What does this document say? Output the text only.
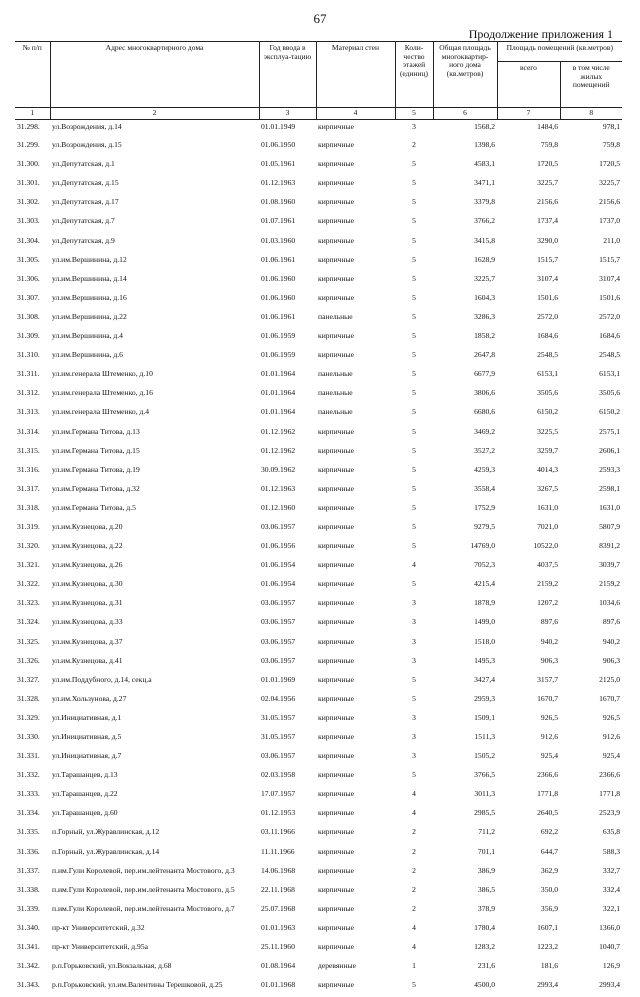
67
Продолжение приложения 1
№ п/п	Адрес многоквартирного дома	Год ввода в эксплуа-тацию	Материал стен	Коли-чество этажей (единиц)	Общая площадь многоквартир-ного дома (кв.метров)	Площадь помещений (кв.метров)	
						всего	в том числе жилых помещений
1	2	3	4	5	6	7	8
31.298.	ул.Возрождения, д.14	01.01.1949	кирпичные	3	1568,2	1484,6	978,1
31.299.	ул.Возрождения, д.15	01.06.1950	кирпичные	2	1398,6	759,8	759,8
31.300.	ул.Депутатская, д.1	01.05.1961	кирпичные	5	4583,1	1720,5	1720,5
31.301.	ул.Депутатская, д.15	01.12.1963	кирпичные	5	3471,1	3225,7	3225,7
31.302.	ул.Депутатская, д.17	01.08.1960	кирпичные	5	3379,8	2156,6	2156,6
31.303.	ул.Депутатская, д.7	01.07.1961	кирпичные	5	3766,2	1737,4	1737,0
31.304.	ул.Депутатская, д.9	01.03.1960	кирпичные	5	3415,8	3290,0	211,0
31.305.	ул.им.Вершинина, д.12	01.06.1961	кирпичные	5	1628,9	1515,7	1515,7
31.306.	ул.им.Вершинина, д.14	01.06.1960	кирпичные	5	3225,7	3107,4	3107,4
31.307.	ул.им.Вершинина, д.16	01.06.1960	кирпичные	5	1604,3	1501,6	1501,6
31.308.	ул.им.Вершинина, д.22	01.06.1961	панельные	5	3286,3	2572,0	2572,0
31.309.	ул.им.Вершинина, д.4	01.06.1959	кирпичные	5	1858,2	1684,6	1684,6
31.310.	ул.им.Вершинина, д.6	01.06.1959	кирпичные	5	2647,8	2548,5	2548,5
31.311.	ул.им.генерала Штеменко, д.10	01.01.1964	панельные	5	6677,9	6153,1	6153,1
31.312.	ул.им.генерала Штеменко, д.16	01.01.1964	панельные	5	3806,6	3505,6	3505,6
31.313.	ул.им.генерала Штеменко, д.4	01.01.1964	панельные	5	6680,6	6150,2	6150,2
31.314.	ул.им.Германа Титова, д.13	01.12.1962	кирпичные	5	3469,2	3225,5	2575,1
31.315.	ул.им.Германа Титова, д.15	01.12.1962	кирпичные	5	3527,2	3259,7	2606,1
31.316.	ул.им.Германа Титова, д.19	30.09.1962	кирпичные	5	4259,3	4014,3	2593,3
31.317.	ул.им.Германа Титова, д.32	01.12.1963	кирпичные	5	3558,4	3267,5	2598,1
31.318.	ул.им.Германа Титова, д.5	01.12.1960	кирпичные	5	1752,9	1631,0	1631,0
31.319.	ул.им.Кузнецова, д.20	03.06.1957	кирпичные	5	9279,5	7021,0	5807,9
31.320.	ул.им.Кузнецова, д.22	01.06.1956	кирпичные	5	14769,0	10522,0	8391,2
31.321.	ул.им.Кузнецова, д.26	01.06.1954	кирпичные	4	7052,3	4037,5	3039,7
31.322.	ул.им.Кузнецова, д.30	01.06.1954	кирпичные	5	4215,4	2159,2	2159,2
31.323.	ул.им.Кузнецова, д.31	03.06.1957	кирпичные	3	1878,9	1207,2	1034,6
31.324.	ул.им.Кузнецова, д.33	03.06.1957	кирпичные	3	1499,0	897,6	897,6
31.325.	ул.им.Кузнецова, д.37	03.06.1957	кирпичные	3	1518,0	940,2	940,2
31.326.	ул.им.Кузнецова, д.41	03.06.1957	кирпичные	3	1495,3	906,3	906,3
31.327.	ул.им.Поддубного, д.14, секц.а	01.01.1969	кирпичные	5	3427,4	3157,7	2125,0
31.328.	ул.им.Хользунова, д.27	02.04.1956	кирпичные	5	2959,3	1670,7	1670,7
31.329.	ул.Инициативная, д.1	31.05.1957	кирпичные	3	1509,1	926,5	926,5
31.330.	ул.Инициативная, д.5	31.05.1957	кирпичные	3	1511,3	912,6	912,6
31.331.	ул.Инициативная, д.7	03.06.1957	кирпичные	3	1505,2	925,4	925,4
31.332.	ул.Тарашанцев, д.13	02.03.1958	кирпичные	5	3766,5	2366,6	2366,6
31.333.	ул.Тарашанцев, д.22	17.07.1957	кирпичные	4	3011,3	1771,8	1771,8
31.334.	ул.Тарашанцев, д.60	01.12.1953	кирпичные	4	2985,5	2640,5	2523,9
31.335.	п.Горный, ул.Журавлинская, д.12	03.11.1966	кирпичные	2	711,2	692,2	635,8
31.336.	п.Горный, ул.Журавлинская, д.14	11.11.1966	кирпичные	2	701,1	644,7	588,3
31.337.	п.им.Гули Королевой, пер.им.лейтенанта Мостового, д.3	14.06.1968	кирпичные	2	386,9	362,9	332,7
31.338.	п.им.Гули Королевой, пер.им.лейтенанта Мостового, д.5	22.11.1968	кирпичные	2	386,5	350,0	332,4
31.339.	п.им.Гули Королевой, пер.им.лейтенанта Мостового, д.7	25.07.1968	кирпичные	2	378,9	356,9	322,1
31.340.	пр-кт Университетский, д.32	01.01.1963	кирпичные	4	1780,4	1607,1	1366,0
31.341.	пр-кт Университетский, д.95а	25.11.1960	кирпичные	4	1283,2	1223,2	1040,7
31.342.	р.п.Горьковский, ул.Вокзальная, д.68	01.08.1964	деревянные	1	231,6	181,6	126,9
31.343.	р.п.Горьковский, ул.им.Валентины Терешковой, д.25	01.01.1968	кирпичные	5	4500,0	2993,4	2993,4
